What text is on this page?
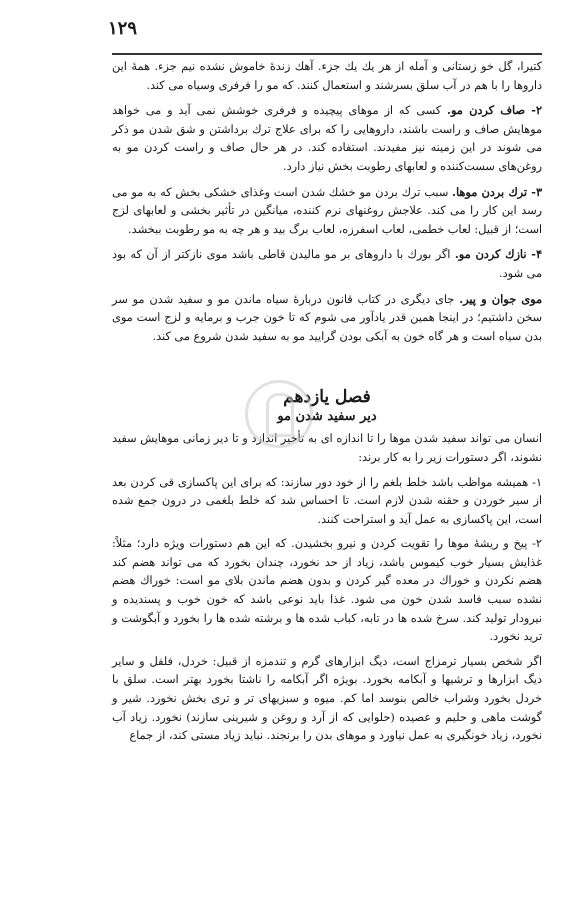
۱۲۹

کتیرا، گل خو زستانی و آمله از هر یك یك جزء. آهك زندهٔ خاموش نشده نیم جزء. همهٔ این داروها را با هم در آب سلق بسرشند و استعمال کنند. که مو را فرفری وسیاه می کند.

۲- صاف کردن مو. کسی که از موهای پیچیده و فرفری خوشش نمی آید و می خواهد موهایش صاف و راست باشند، داروهایی را که برای علاج ترك برداشتن و شق شدن مو ذکر می شوند در این زمینه نیز مفیدند. استفاده کند. در هر حال صاف و راست کردن مو به روغن‌های سست‌کننده و لعابهای رطوبت بخش نیاز دارد.

۳- ترك بردن موها. سبب ترك بردن مو خشك شدن است وغذای خشکی بخش که به مو می رسد این کار را می کند. علاجش روغنهای نرم کننده، میانگین در تأثیر بخشی و لعابهای لزج است؛ از قبیل: لعاب خطمی، لعاب اسفرزه، لعاب برگ بید و هر چه به مو رطوبت ببخشد.

۴- نازك كردن مو. اگر بورك با داروهای بر مو مالیدن قاطی باشد موی نازکتر از آن که بود می شود.

موی جوان و پیر. جای دیگری در کتاب قانون دربارهٔ سیاه ماندن مو و سفید شدن مو سر سخن داشتیم؛ در اینجا همین قدر یادآور می شوم که تا خون جرب و برمایه و لزج است موی بدن سیاه است و هر گاه خون به آبکی بودن گرایید مو به سفید شدن شروع می کند.

فصل یازدهم
دیر سفید شدن مو

انسان می تواند سفید شدن موها را تا اندازه ای به تأخیر اندازد و تا دیر زمانی موهایش سفید نشوند، اگر دستورات زیر را به کار برند:

۱- همیشه مواظب باشد خلط بلغم را از خود دور سازند: که برای این پاکسازی قی کردن بعد از سیر خوردن و حقنه شدن لازم است. تا احساس شد که خلط بلغمی در درون جمع شده است، این پاکسازی به عمل آید و استراحت کنند.

۲- پیخ و ریشهٔ موها را تقویت کردن و نیرو بخشیدن. که این هم دستورات ویژه دارد؛ مثلاً: غذایش بسیار خوب کیموس باشد، زیاد از حد نخورد، چندان بخورد که می تواند هضم کند هضم نکردن و خوراك در معده گیر کردن و بدون هضم ماندن بلای مو است: خوراك هضم نشده سبب فاسد شدن خون می شود. غذا باید نوعی باشد که خون خوب و پسندیده و نیرودار تولید کند. سرخ شده ها در تابه، کباب شده ها و برشته شده ها را بخورد و آبگوشت و ترید نخورد.

اگر شخص بسیار ترمزاج است، دیگ ابزارهای گرم و تندمزه از قبیل: خردل، فلفل و سایر دیگ ابزارها و ترشیها و آبکامه بخورد. بویژه اگر آبکامه را ناشتا بخورد بهتر است. سلق با خردل بخورد وشراب خالص بنوسد اما کم. میوه و سبزیهای تر و تری بخش نخورد. شیر و گوشت ماهی و حلیم و عصیده (حلوایی که از آرد و روغن و شیرینی سازند) نخورد. زیاد آب نخورد، زیاد خونگیری به عمل نیاورد و موهای بدن را برنجند. نباید زیاد مستی کند، از جماع
